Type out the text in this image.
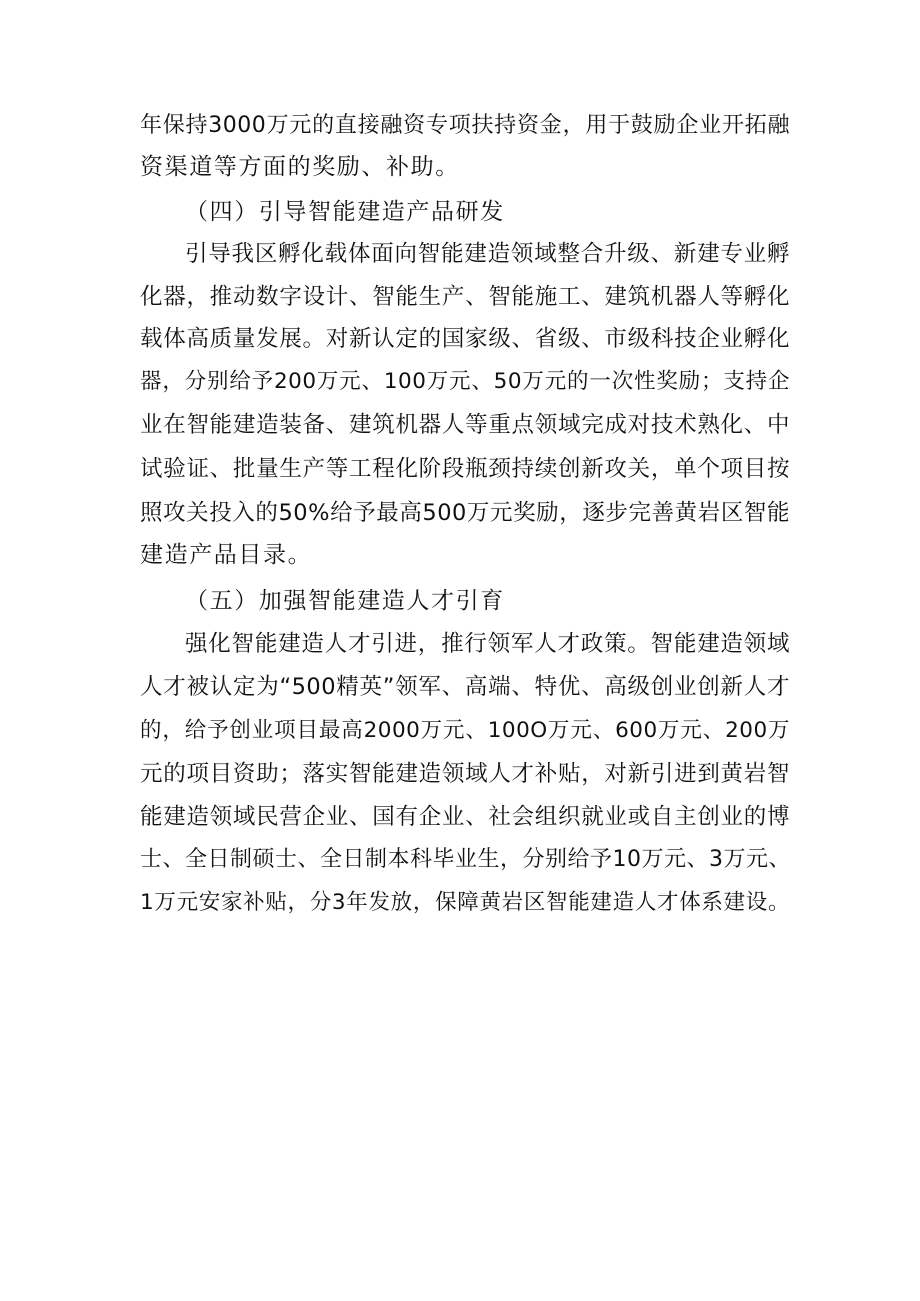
年保持3000万元的直接融资专项扶持资金，用于鼓励企业开拓融
资渠道等方面的奖励、补助。
（四）引导智能建造产品研发
引导我区孵化载体面向智能建造领域整合升级、新建专业孵
化器，推动数字设计、智能生产、智能施工、建筑机器人等孵化
载体高质量发展。对新认定的国家级、省级、市级科技企业孵化
器，分别给予200万元、100万元、50万元的一次性奖励；支持企
业在智能建造装备、建筑机器人等重点领域完成对技术熟化、中
试验证、批量生产等工程化阶段瓶颈持续创新攻关，单个项目按
照攻关投入的50%给予最高500万元奖励，逐步完善黄岩区智能
建造产品目录。
（五）加强智能建造人才引育
强化智能建造人才引进，推行领军人才政策。智能建造领域
人才被认定为“500精英”领军、高端、特优、高级创业创新人才
的，给予创业项目最高2000万元、100O万元、600万元、200万
元的项目资助；落实智能建造领域人才补贴，对新引进到黄岩智
能建造领域民营企业、国有企业、社会组织就业或自主创业的博
士、全日制硕士、全日制本科毕业生，分别给予10万元、3万元、
1万元安家补贴，分3年发放，保障黄岩区智能建造人才体系建设。
